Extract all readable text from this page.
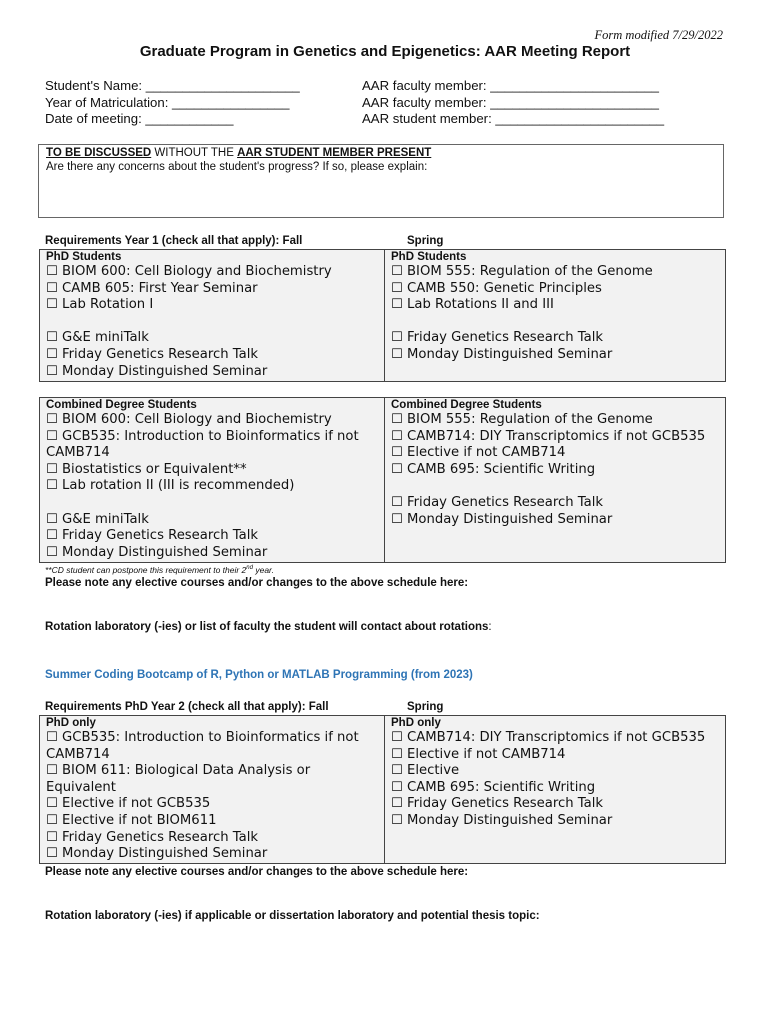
Form modified 7/29/2022
Graduate Program in Genetics and Epigenetics: AAR Meeting Report
Student's Name: _____________________
Year of Matriculation: ________________
Date of meeting: ____________
AAR faculty member: _______________________
AAR faculty member: _______________________
AAR student member: _______________________
TO BE DISCUSSED WITHOUT THE AAR STUDENT MEMBER PRESENT
Are there any concerns about the student's progress? If so, please explain:
Requirements Year 1 (check all that apply): Fall	Spring
PhD Students
☐ BIOM 600: Cell Biology and Biochemistry
☐ CAMB 605: First Year Seminar
☐ Lab Rotation I
☐ G&E miniTalk
☐ Friday Genetics Research Talk
☐ Monday Distinguished Seminar

PhD Students
☐ BIOM 555: Regulation of the Genome
☐ CAMB 550: Genetic Principles
☐ Lab Rotations II and III
☐ Friday Genetics Research Talk
☐ Monday Distinguished Seminar
Combined Degree Students
☐ BIOM 600: Cell Biology and Biochemistry
☐ GCB535: Introduction to Bioinformatics if not CAMB714
☐ Biostatistics or Equivalent**
☐ Lab rotation II (III is recommended)
☐ G&E miniTalk
☐ Friday Genetics Research Talk
☐ Monday Distinguished Seminar

Combined Degree Students
☐ BIOM 555: Regulation of the Genome
☐ CAMB714: DIY Transcriptomics if not GCB535
☐ Elective if not CAMB714
☐ CAMB 695: Scientific Writing
☐ Friday Genetics Research Talk
☐ Monday Distinguished Seminar
**CD student can postpone this requirement to their 2nd year.
Please note any elective courses and/or changes to the above schedule here:
Rotation laboratory (-ies) or list of faculty the student will contact about rotations:
Summer Coding Bootcamp of R, Python or MATLAB Programming (from 2023)
Requirements PhD Year 2 (check all that apply): Fall	Spring
PhD only
☐ GCB535: Introduction to Bioinformatics if not CAMB714
☐ BIOM 611: Biological Data Analysis or Equivalent
☐ Elective if not GCB535
☐ Elective if not BIOM611
☐ Friday Genetics Research Talk
☐ Monday Distinguished Seminar

PhD only
☐ CAMB714: DIY Transcriptomics if not GCB535
☐ Elective if not CAMB714
☐ Elective
☐ CAMB 695: Scientific Writing
☐ Friday Genetics Research Talk
☐ Monday Distinguished Seminar
Please note any elective courses and/or changes to the above schedule here:
Rotation laboratory (-ies) if applicable or dissertation laboratory and potential thesis topic:
